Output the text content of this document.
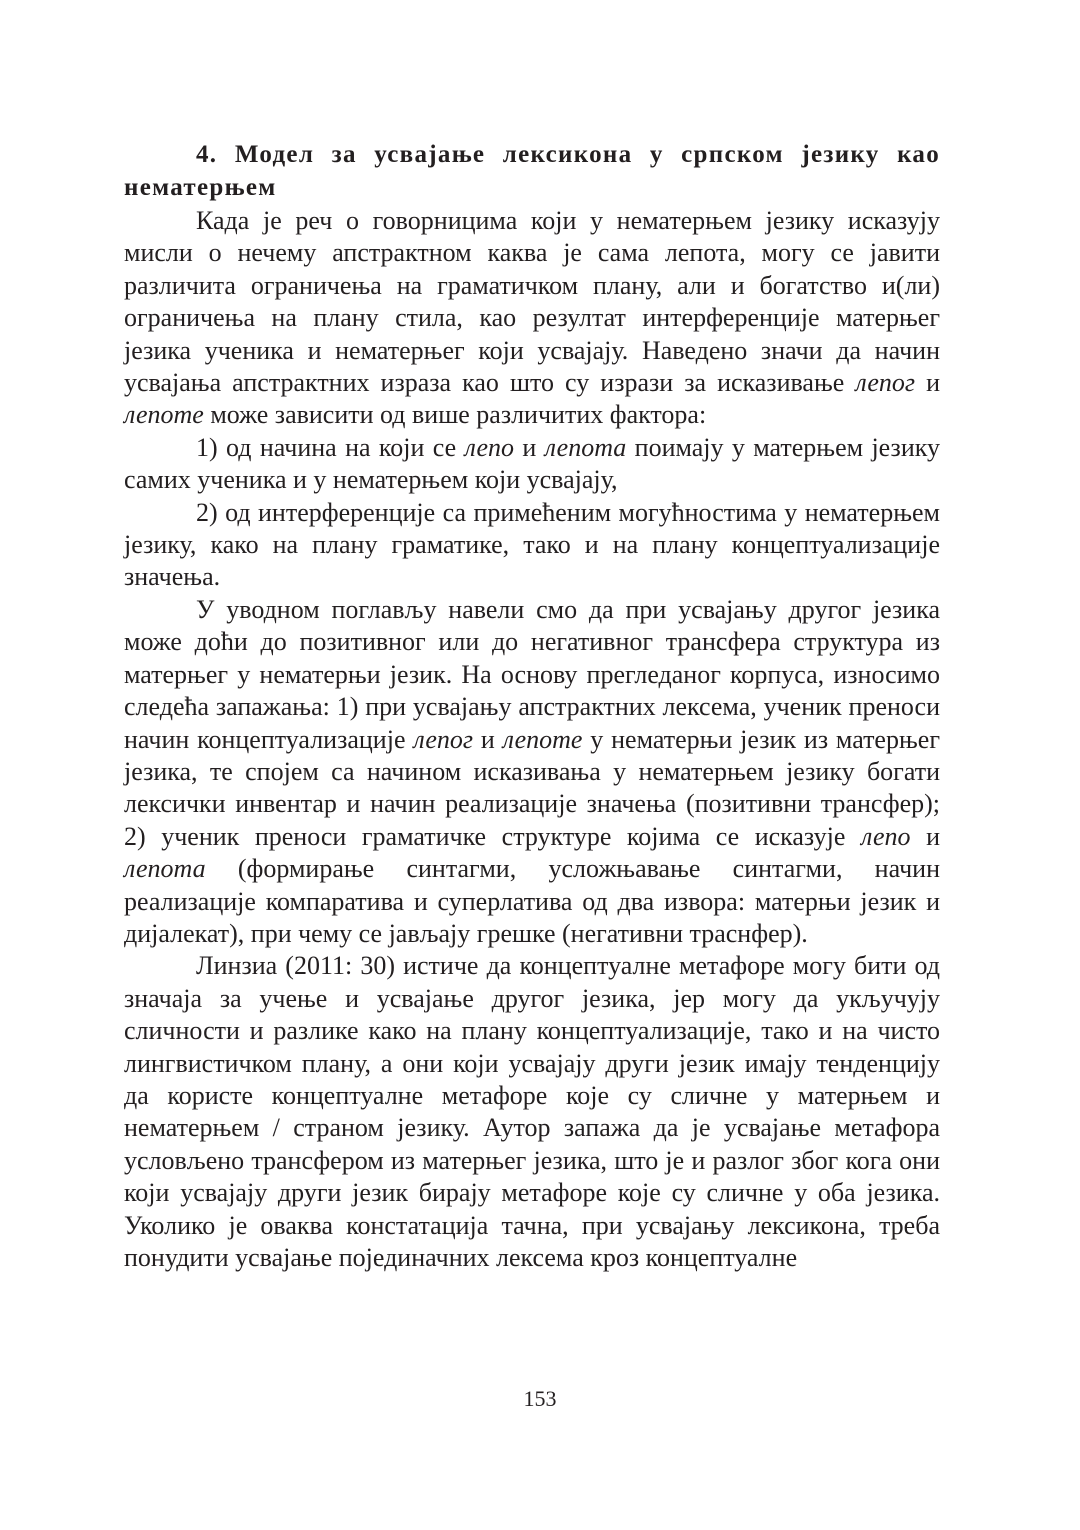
4. Модел за усвајање лексикона у српском језику као нематерњем

Када је реч о говорницима који у нематерњем језику исказују мисли о нечему апстрактном каква је сама лепота, могу се јавити различита ограничења на граматичком плану, али и богатство и(ли) ограничења на плану стила, као резултат интерференције матерњег језика ученика и нематерњег који усвајају. Наведено значи да начин усвајања апстрактних израза као што су изрази за исказивање лепог и лепоте може зависити од више различитих фактора:

1) од начина на који се лепо и лепота поимају у матерњем језику самих ученика и у нематерњем који усвајају,

2) од интерференције са примећеним могућностима у нематерњем језику, како на плану граматике, тако и на плану концептуализације значења.

У уводном поглављу навели смо да при усвајању другог језика може доћи до позитивног или до негативног трансфера структура из матерњег у нематерњи језик. На основу прегледаног корпуса, износимо следећа запажања: 1) при усвајању апстрактних лексема, ученик преноси начин концептуализације лепог и лепоте у нематерњи језик из матерњег језика, те спојем са начином исказивања у нематерњем језику богати лексички инвентар и начин реализације значења (позитивни трансфер); 2) ученик преноси граматичке структуре којима се исказује лепо и лепота (формирање синтагми, усложњавање синтагми, начин реализације компаратива и суперлатива од два извора: матерњи језик и дијалекат), при чему се јављају грешке (негативни траснфер).

Линзиа (2011: 30) истиче да концептуалне метафоре могу бити од значаја за учење и усвајање другог језика, јер могу да укључују сличности и разлике како на плану концептуализације, тако и на чисто лингвистичком плану, а они који усвајају други језик имају тенденцију да користе концептуалне метафоре које су сличне у матерњем и нематерњем / страном језику. Аутор запажа да је усвајање метафора условљено трансфером из матерњег језика, што је и разлог због кога они који усвајају други језик бирају метафоре које су сличне у оба језика. Уколико је оваква констатација тачна, при усвајању лексикона, треба понудити усвајање појединачних лексема кроз концептуалне

153
